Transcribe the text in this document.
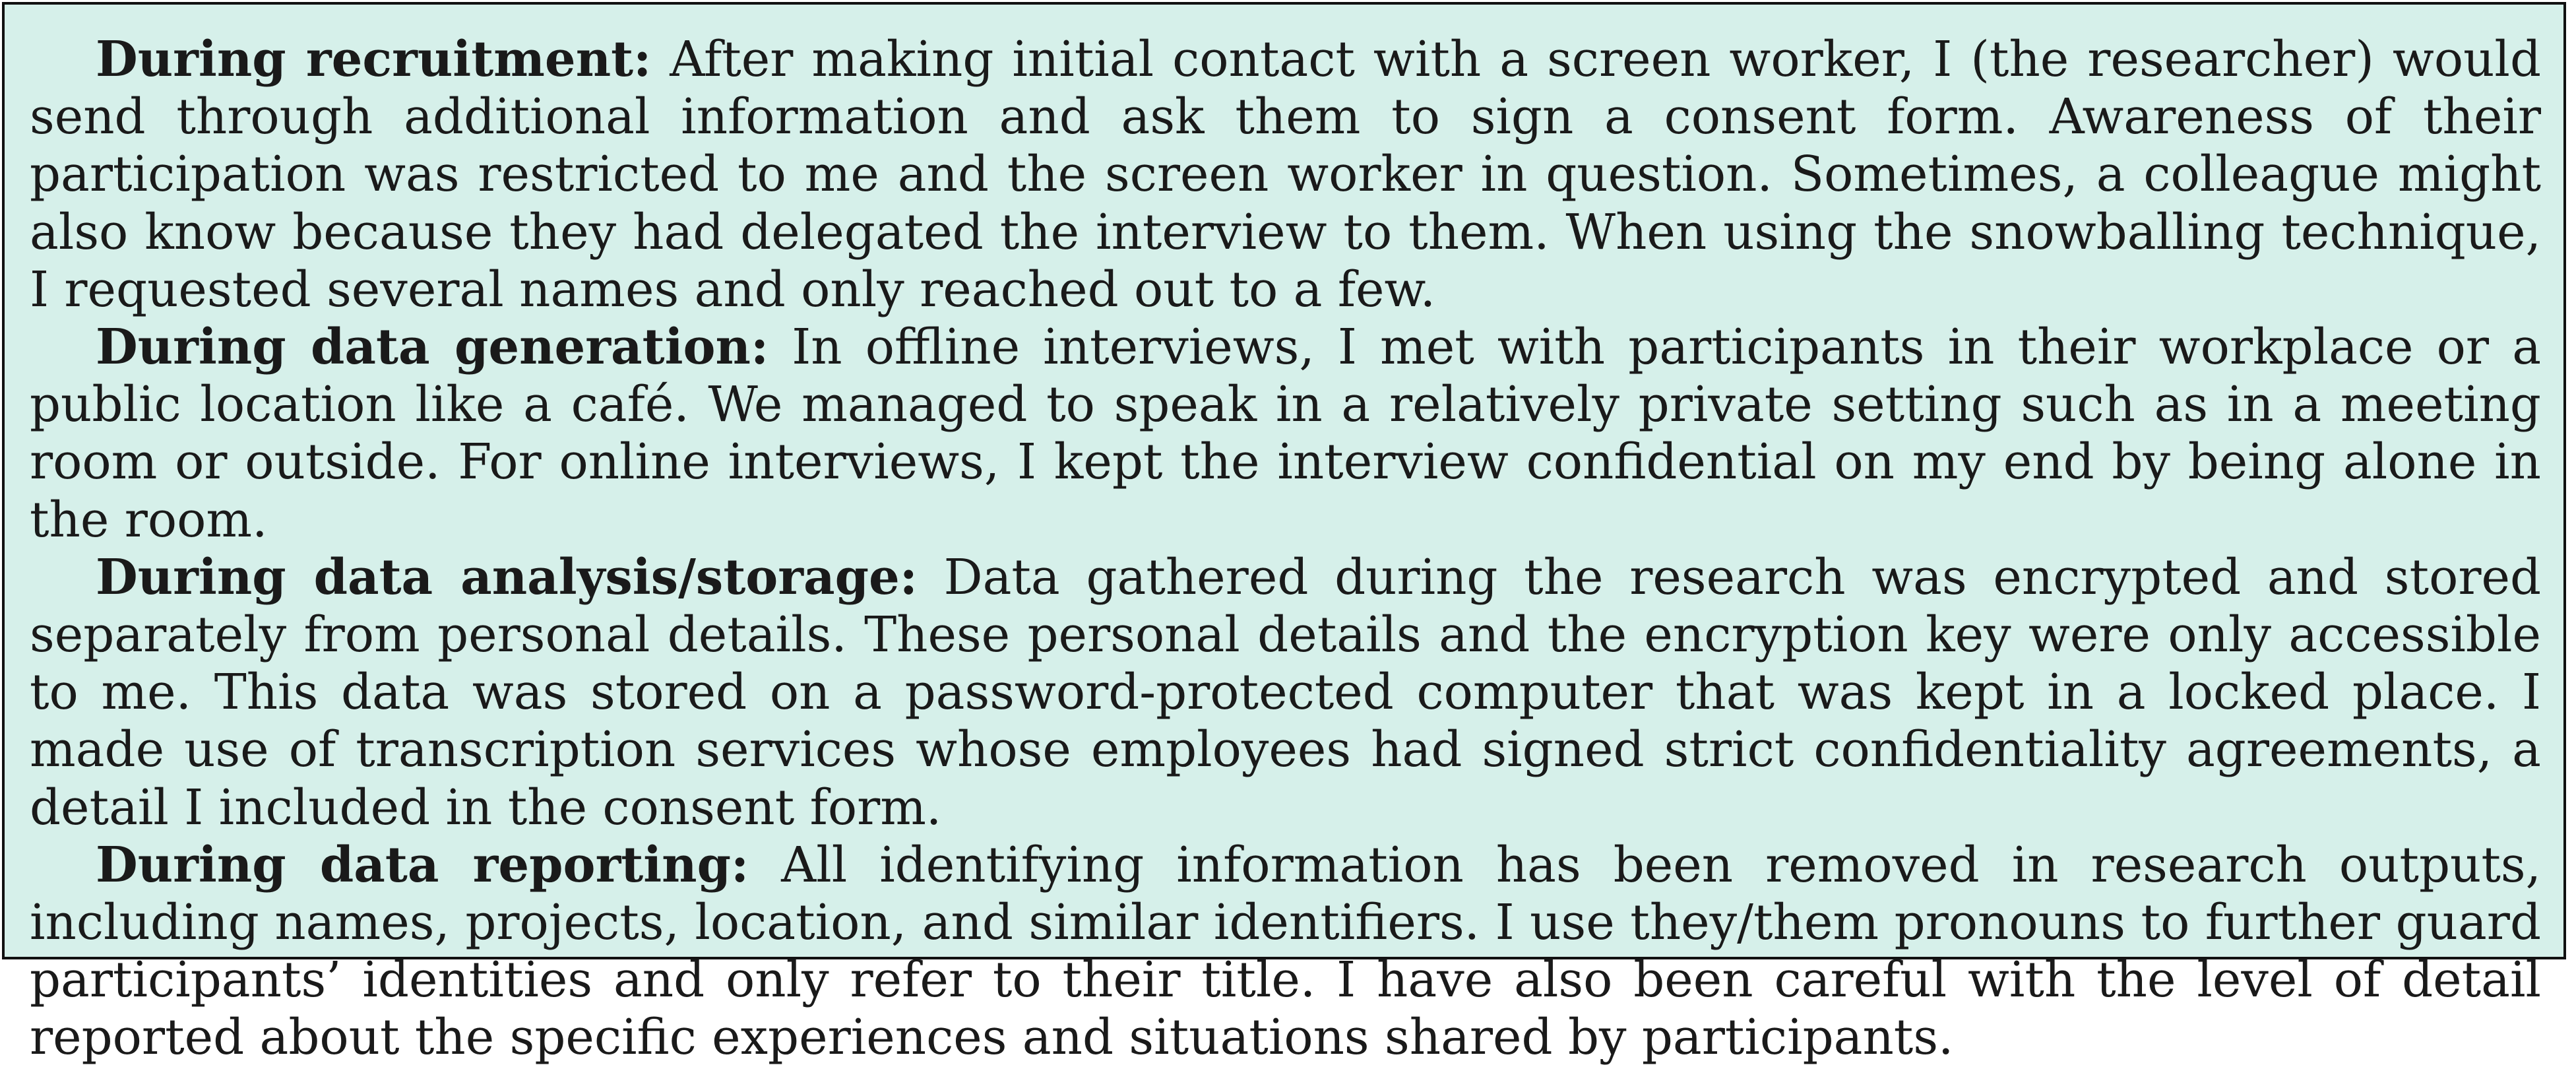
During recruitment: After making initial contact with a screen worker, I (the researcher) would send through additional information and ask them to sign a consent form. Awareness of their participation was restricted to me and the screen worker in question. Sometimes, a colleague might also know because they had delegated the interview to them. When using the snowballing technique, I requested several names and only reached out to a few.

During data generation: In offline interviews, I met with participants in their workplace or a public location like a café. We managed to speak in a relatively private setting such as in a meeting room or outside. For online interviews, I kept the interview confidential on my end by being alone in the room.

During data analysis/storage: Data gathered during the research was encrypted and stored separately from personal details. These personal details and the encryption key were only accessible to me. This data was stored on a password-protected computer that was kept in a locked place. I made use of transcription services whose employees had signed strict confidentiality agreements, a detail I included in the consent form.

During data reporting: All identifying information has been removed in research outputs, including names, projects, location, and similar identifiers. I use they/them pronouns to further guard participants’ identities and only refer to their title. I have also been careful with the level of detail reported about the specific experiences and situations shared by participants.
